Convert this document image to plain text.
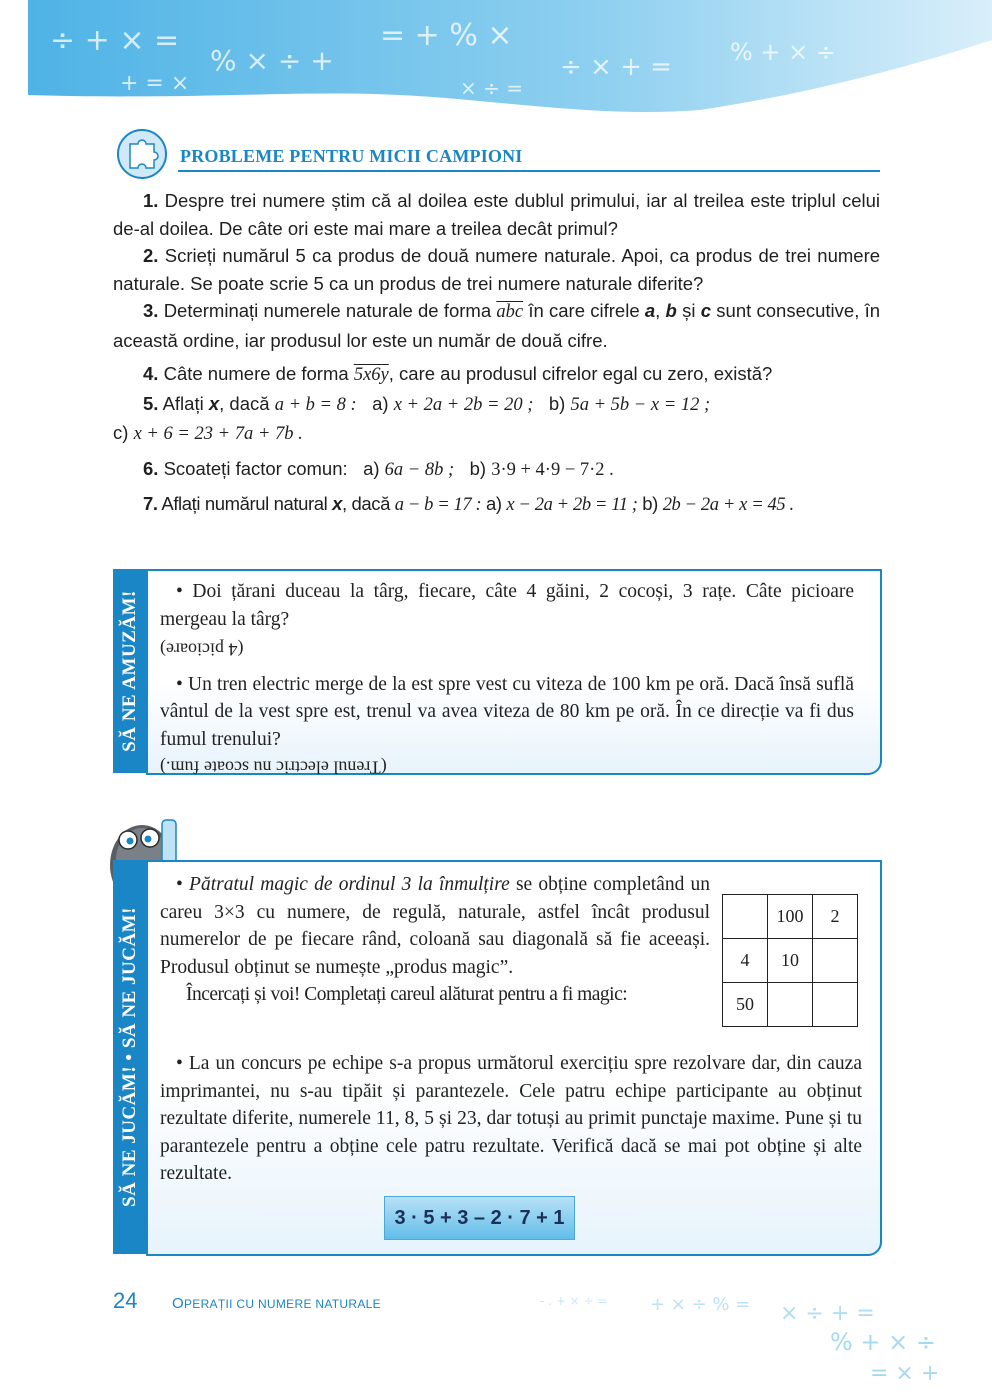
÷ + × =
% × ÷ +
= + % ×
÷ × + = % + × ÷
+ = ×	× ÷ =
PROBLEME PENTRU MICII CAMPIONI

1. Despre trei numere știm că al doilea este dublul primului, iar al treilea este triplul celui de-al doilea. De câte ori este mai mare a treilea decât primul?

2. Scrieți numărul 5 ca produs de două numere naturale. Apoi, ca produs de trei numere naturale. Se poate scrie 5 ca un produs de trei numere naturale diferite?

3. Determinați numerele naturale de forma $\overline{abc}$ în care cifrele a, b și c sunt consecutive, în această ordine, iar produsul lor este un număr de două cifre.

4. Câte numere de forma 5x6y, care au produsul cifrelor egal cu zero, există?

5. Aflați x, dacă a + b = 8 : a) x + 2a + 2b = 20 ; b) 5a + 5b − x = 12 ;

c) x + 6 = 23 + 7a + 7b .

6. Scoateți factor comun: a) 6a − 8b ; b) 3·9 + 4·9 − 7·2 .

7. Aflați numărul natural x, dacă a − b = 17 : a) x − 2a + 2b = 11 ; b) 2b − 2a + x = 45 .

SĂ NE AMUZĂM!	• Doi țărani duceau la târg, fiecare, câte 4 găini, 2 cocoși, 3 rațe. Câte picioare mergeau la târg?

(4 picioare)

• Un tren electric merge de la est spre vest cu viteza de 100 km pe oră. Dacă însă suflă vântul de la vest spre est, trenul va avea viteza de 80 km pe oră. În ce direcție va fi dus fumul trenului?

(Trenul electric nu scoate fum.)
SĂ NE JUCĂM! • SĂ NE JUCĂM!

• Pătratul magic de ordinul 3 la înmulțire se obține completând un careu 3×3 cu numere, de regulă, naturale, astfel încât produsul numerelor de pe fiecare rând, coloană sau diagonală să fie aceeași. Produsul obținut se numește „produs magic”.

Încercați și voi! Completați careul alăturat pentru a fi magic:

	100	2
4	10	
50		

• La un concurs pe echipe s-a propus următorul exercițiu spre rezolvare dar, din cauza imprimantei, nu s-au tipăit și parantezele. Cele patru echipe participante au obținut rezultate diferite, numerele 11, 8, 5 și 23, dar totuși au primit punctaje maxime. Pune și tu parantezele pentru a obține cele patru rezultate. Verifică dacă se mai pot obține și alte rezultate.

3 · 5 + 3 – 2 · 7 + 1
24 OPERAȚII CU NUMERE NATURALE	- . + × ÷ = + × ÷ % = × ÷ + =
% + × ÷
= × +
